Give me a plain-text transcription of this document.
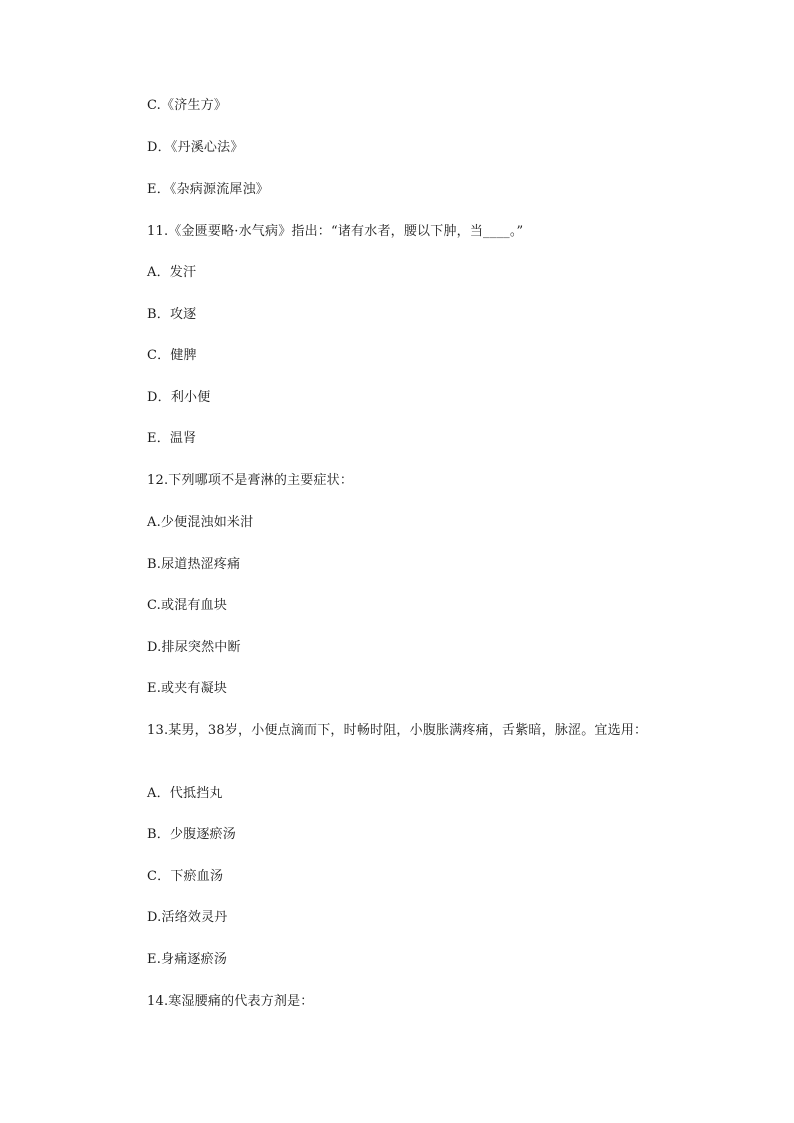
C.《济生方》
D．《丹溪心法》
E．《杂病源流犀浊》
11.《金匮要略·水气病》指出：“诸有水者，腰以下肿，当____。”
A．发汗
B．攻逐
C．健脾
D．利小便
E．温肾
12.下列哪项不是膏淋的主要症状：
A.少便混浊如米泔
B.尿道热涩疼痛
C.或混有血块
D.排尿突然中断
E.或夹有凝块
13.某男，38岁，小便点滴而下，时畅时阻，小腹胀满疼痛，舌紫暗，脉涩。宜选用：
A．代抵挡丸
B．少腹逐瘀汤
C．下瘀血汤
D.活络效灵丹
E.身痛逐瘀汤
14.寒湿腰痛的代表方剂是：
